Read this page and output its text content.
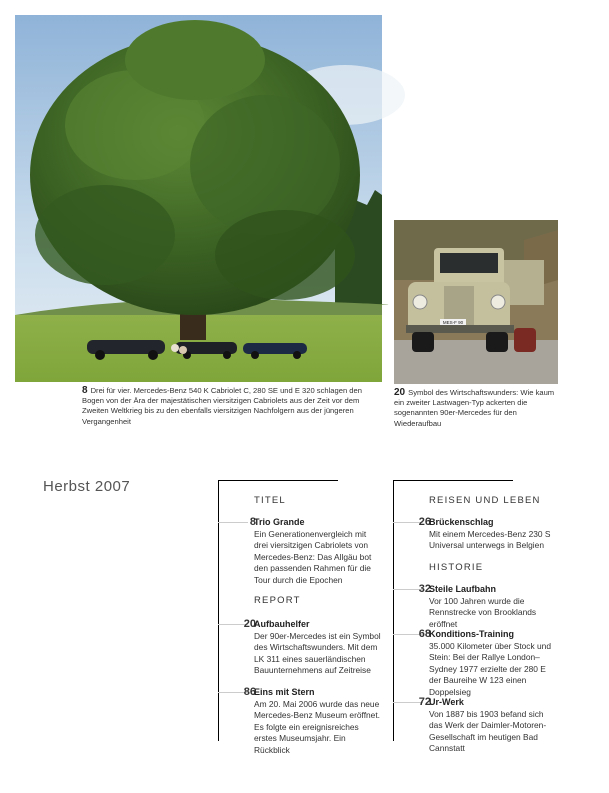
8 Drei für vier. Mercedes-Benz 540 K Cabriolet C, 280 SE und E 320 schlagen den Bogen von der Ära der majestätischen viersitzigen Cabriolets aus der Zeit vor dem Zweiten Weltkrieg bis zu den ebenfalls viersitzigen Nachfolgern aus der jüngeren Vergangenheit
MES-F 90
20 Symbol des Wirtschaftswunders: Wie kaum ein zweiter Lastwagen-Typ ackerten die sogenannten 90er-Mercedes für den Wiederaufbau
Herbst 2007
TITEL
8
Trio Grande
Ein Generationenvergleich mit drei viersitzigen Cabriolets von Mercedes-Benz: Das Allgäu bot den passenden Rahmen für die Tour durch die Epochen
REPORT
20
Aufbauhelfer
Der 90er-Mercedes ist ein Symbol des Wirtschaftswunders. Mit dem LK 311 eines sauerländischen Bauunternehmens auf Zeitreise
86
Eins mit Stern
Am 20. Mai 2006 wurde das neue Mercedes-Benz Museum eröffnet. Es folgte ein ereignisreiches erstes Museumsjahr. Ein Rückblick
REISEN UND LEBEN
26
Brückenschlag
Mit einem Mercedes-Benz 230 S Universal unterwegs in Belgien
HISTORIE
32
Steile Laufbahn
Vor 100 Jahren wurde die Rennstrecke von Brooklands eröffnet
68
Konditions-Training
35.000 Kilometer über Stock und Stein: Bei der Rallye London–Sydney 1977 erzielte der 280 E der Baureihe W 123 einen Doppelsieg
72
Ur-Werk
Von 1887 bis 1903 befand sich das Werk der Daimler-Motoren-Gesellschaft im heutigen Bad Cannstatt
